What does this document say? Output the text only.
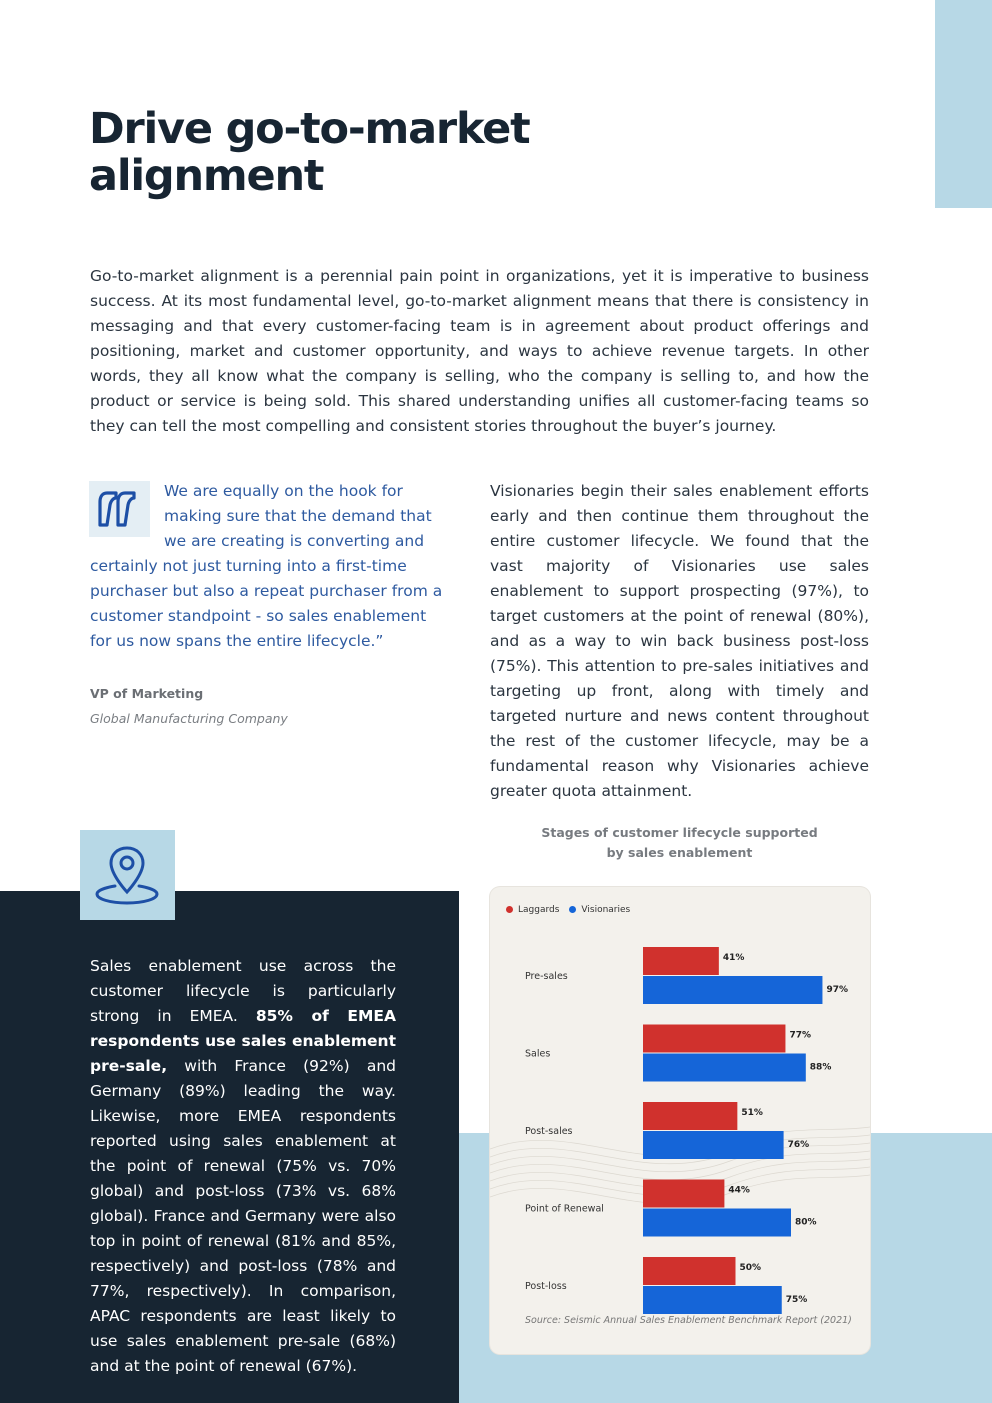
Drive go-to-market alignment

Go-to-market alignment is a perennial pain point in organizations, yet it is imperative to business success. At its most fundamental level, go-to-market alignment means that there is consistency in messaging and that every customer-facing team is in agreement about product offerings and positioning, market and customer opportunity, and ways to achieve revenue targets. In other words, they all know what the company is selling, who the company is selling to, and how the product or service is being sold. This shared understanding unifies all customer-facing teams so they can tell the most compelling and consistent stories throughout the buyer’s journey.

We are equally on the hook for making sure that the demand that we are creating is converting and certainly not just turning into a first-time purchaser but also a repeat purchaser from a customer standpoint - so sales enablement for us now spans the entire lifecycle.”

VP of Marketing
Global Manufacturing Company

Visionaries begin their sales enablement efforts early and then continue them throughout the entire customer lifecycle. We found that the vast majority of Visionaries use sales enablement to support prospecting (97%), to target customers at the point of renewal (80%), and as a way to win back business post-loss (75%). This attention to pre-sales initiatives and targeting up front, along with timely and targeted nurture and news content throughout the rest of the customer lifecycle, may be a fundamental reason why Visionaries achieve greater quota attainment.

Sales enablement use across the customer lifecycle is particularly strong in EMEA. 85% of EMEA respondents use sales enablement pre-sale, with France (92%) and Germany (89%) leading the way. Likewise, more EMEA respondents reported using sales enablement at the point of renewal (75% vs. 70% global) and post-loss (73% vs. 68% global). France and Germany were also top in point of renewal (81% and 85%, respectively) and post-loss (78% and 77%, respectively). In comparison, APAC respondents are least likely to use sales enablement pre-sale (68%) and at the point of renewal (67%).

Stages of customer lifecycle supported
by sales enablement
Pre-sales
41%
97%
Sales
77%
88%
Post-sales
51%
76%
Point of Renewal
44%
80%
Post-loss
50%
75%
Laggards	Visionaries
Source: Seismic Annual Sales Enablement Benchmark Report (2021)
